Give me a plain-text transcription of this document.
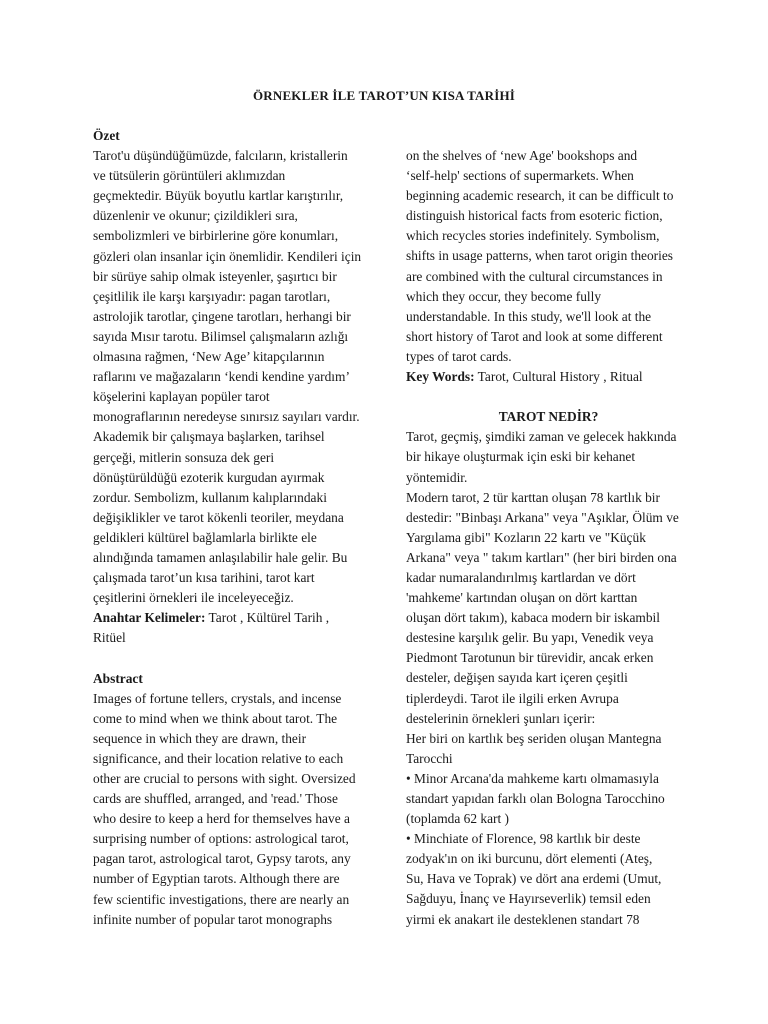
ÖRNEKLER İLE TAROT’UN KISA TARİHİ
Özet
Tarot'u düşündüğümüzde, falcıların, kristallerin
ve tütsülerin görüntüleri aklımızdan
geçmektedir. Büyük boyutlu kartlar karıştırılır,
düzenlenir ve okunur; çizildikleri sıra,
sembolizmleri ve birbirlerine göre konumları,
gözleri olan insanlar için önemlidir. Kendileri için
bir sürüye sahip olmak isteyenler, şaşırtıcı bir
çeşitlilik ile karşı karşıyadır: pagan tarotları,
astrolojik tarotlar, çingene tarotları, herhangi bir
sayıda Mısır tarotu. Bilimsel çalışmaların azlığı
olmasına rağmen, ‘New Age’ kitapçılarının
raflarını ve mağazaların ‘kendi kendine yardım’
köşelerini kaplayan popüler tarot
monograflarının neredeyse sınırsız sayıları vardır.
Akademik bir çalışmaya başlarken, tarihsel
gerçeği, mitlerin sonsuza dek geri
dönüştürüldüğü ezoterik kurgudan ayırmak
zordur. Sembolizm, kullanım kalıplarındaki
değişiklikler ve tarot kökenli teoriler, meydana
geldikleri kültürel bağlamlarla birlikte ele
alındığında tamamen anlaşılabilir hale gelir. Bu
çalışmada tarot’un kısa tarihini, tarot kart
çeşitlerini örnekleri ile inceleyeceğiz.
Anahtar Kelimeler: Tarot , Kültürel Tarih ,
Ritüel
Abstract
Images of fortune tellers, crystals, and incense
come to mind when we think about tarot. The
sequence in which they are drawn, their
significance, and their location relative to each
other are crucial to persons with sight. Oversized
cards are shuffled, arranged, and 'read.' Those
who desire to keep a herd for themselves have a
surprising number of options: astrological tarot,
pagan tarot, astrological tarot, Gypsy tarots, any
number of Egyptian tarots. Although there are
few scientific investigations, there are nearly an
infinite number of popular tarot monographs
on the shelves of ‘new Age' bookshops and
‘self-help' sections of supermarkets. When
beginning academic research, it can be difficult to
distinguish historical facts from esoteric fiction,
which recycles stories indefinitely. Symbolism,
shifts in usage patterns, when tarot origin theories
are combined with the cultural circumstances in
which they occur, they become fully
understandable. In this study, we'll look at the
short history of Tarot and look at some different
types of tarot cards.
Key Words: Tarot, Cultural History , Ritual
TAROT NEDİR?
Tarot, geçmiş, şimdiki zaman ve gelecek hakkında
bir hikaye oluşturmak için eski bir kehanet
yöntemidir.
Modern tarot, 2 tür karttan oluşan 78 kartlık bir
destedir: "Binbaşı Arkana" veya "Aşıklar, Ölüm ve
Yargılama gibi" Kozların 22 kartı ve "Küçük
Arkana" veya " takım kartları" (her biri birden ona
kadar numaralandırılmış kartlardan ve dört
'mahkeme' kartından oluşan on dört karttan
oluşan dört takım), kabaca modern bir iskambil
destesine karşılık gelir. Bu yapı, Venedik veya
Piedmont Tarotunun bir türevidir, ancak erken
desteler, değişen sayıda kart içeren çeşitli
tiplerdeydi. Tarot ile ilgili erken Avrupa
destelerinin örnekleri şunları içerir:
Her biri on kartlık beş seriden oluşan Mantegna
Tarocchi
• Minor Arcana'da mahkeme kartı olmamasıyla
standart yapıdan farklı olan Bologna Tarocchino
(toplamda 62 kart )
• Minchiate of Florence, 98 kartlık bir deste
zodyak'ın on iki burcunu, dört elementi (Ateş,
Su, Hava ve Toprak) ve dört ana erdemi (Umut,
Sağduyu, İnanç ve Hayırseverlik) temsil eden
yirmi ek anakart ile desteklenen standart 78
